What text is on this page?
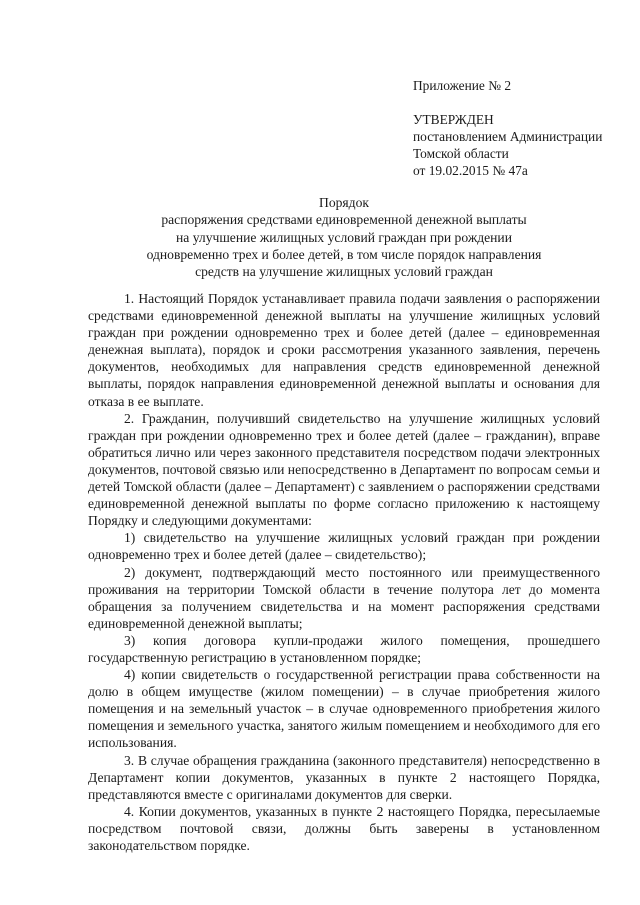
Приложение № 2
УТВЕРЖДЕН
постановлением Администрации
Томской области
от 19.02.2015 № 47а
Порядок
распоряжения средствами единовременной денежной выплаты
на улучшение жилищных условий граждан при рождении
одновременно трех и более детей, в том числе порядок направления
средств на улучшение жилищных условий граждан

1. Настоящий Порядок устанавливает правила подачи заявления о распоряжении средствами единовременной денежной выплаты на улучшение жилищных условий граждан при рождении одновременно трех и более детей (далее – единовременная денежная выплата), порядок и сроки рассмотрения указанного заявления, перечень документов, необходимых для направления средств единовременной денежной выплаты, порядок направления единовременной денежной выплаты и основания для отказа в ее выплате.

2. Гражданин, получивший свидетельство на улучшение жилищных условий граждан при рождении одновременно трех и более детей (далее – гражданин), вправе обратиться лично или через законного представителя посредством подачи электронных документов, почтовой связью или непосредственно в Департамент по вопросам семьи и детей Томской области (далее – Департамент) с заявлением о распоряжении средствами единовременной денежной выплаты по форме согласно приложению к настоящему Порядку и следующими документами:

1) свидетельство на улучшение жилищных условий граждан при рождении одновременно трех и более детей (далее – свидетельство);

2) документ, подтверждающий место постоянного или преимущественного проживания на территории Томской области в течение полутора лет до момента обращения за получением свидетельства и на момент распоряжения средствами единовременной денежной выплаты;

3) копия договора купли-продажи жилого помещения, прошедшего государственную регистрацию в установленном порядке;

4) копии свидетельств о государственной регистрации права собственности на долю в общем имуществе (жилом помещении) – в случае приобретения жилого помещения и на земельный участок – в случае одновременного приобретения жилого помещения и земельного участка, занятого жилым помещением и необходимого для его использования.

3. В случае обращения гражданина (законного представителя) непосредственно в Департамент копии документов, указанных в пункте 2 настоящего Порядка, представляются вместе с оригиналами документов для сверки.

4. Копии документов, указанных в пункте 2 настоящего Порядка, пересылаемые посредством почтовой связи, должны быть заверены в установленном законодательством порядке.
